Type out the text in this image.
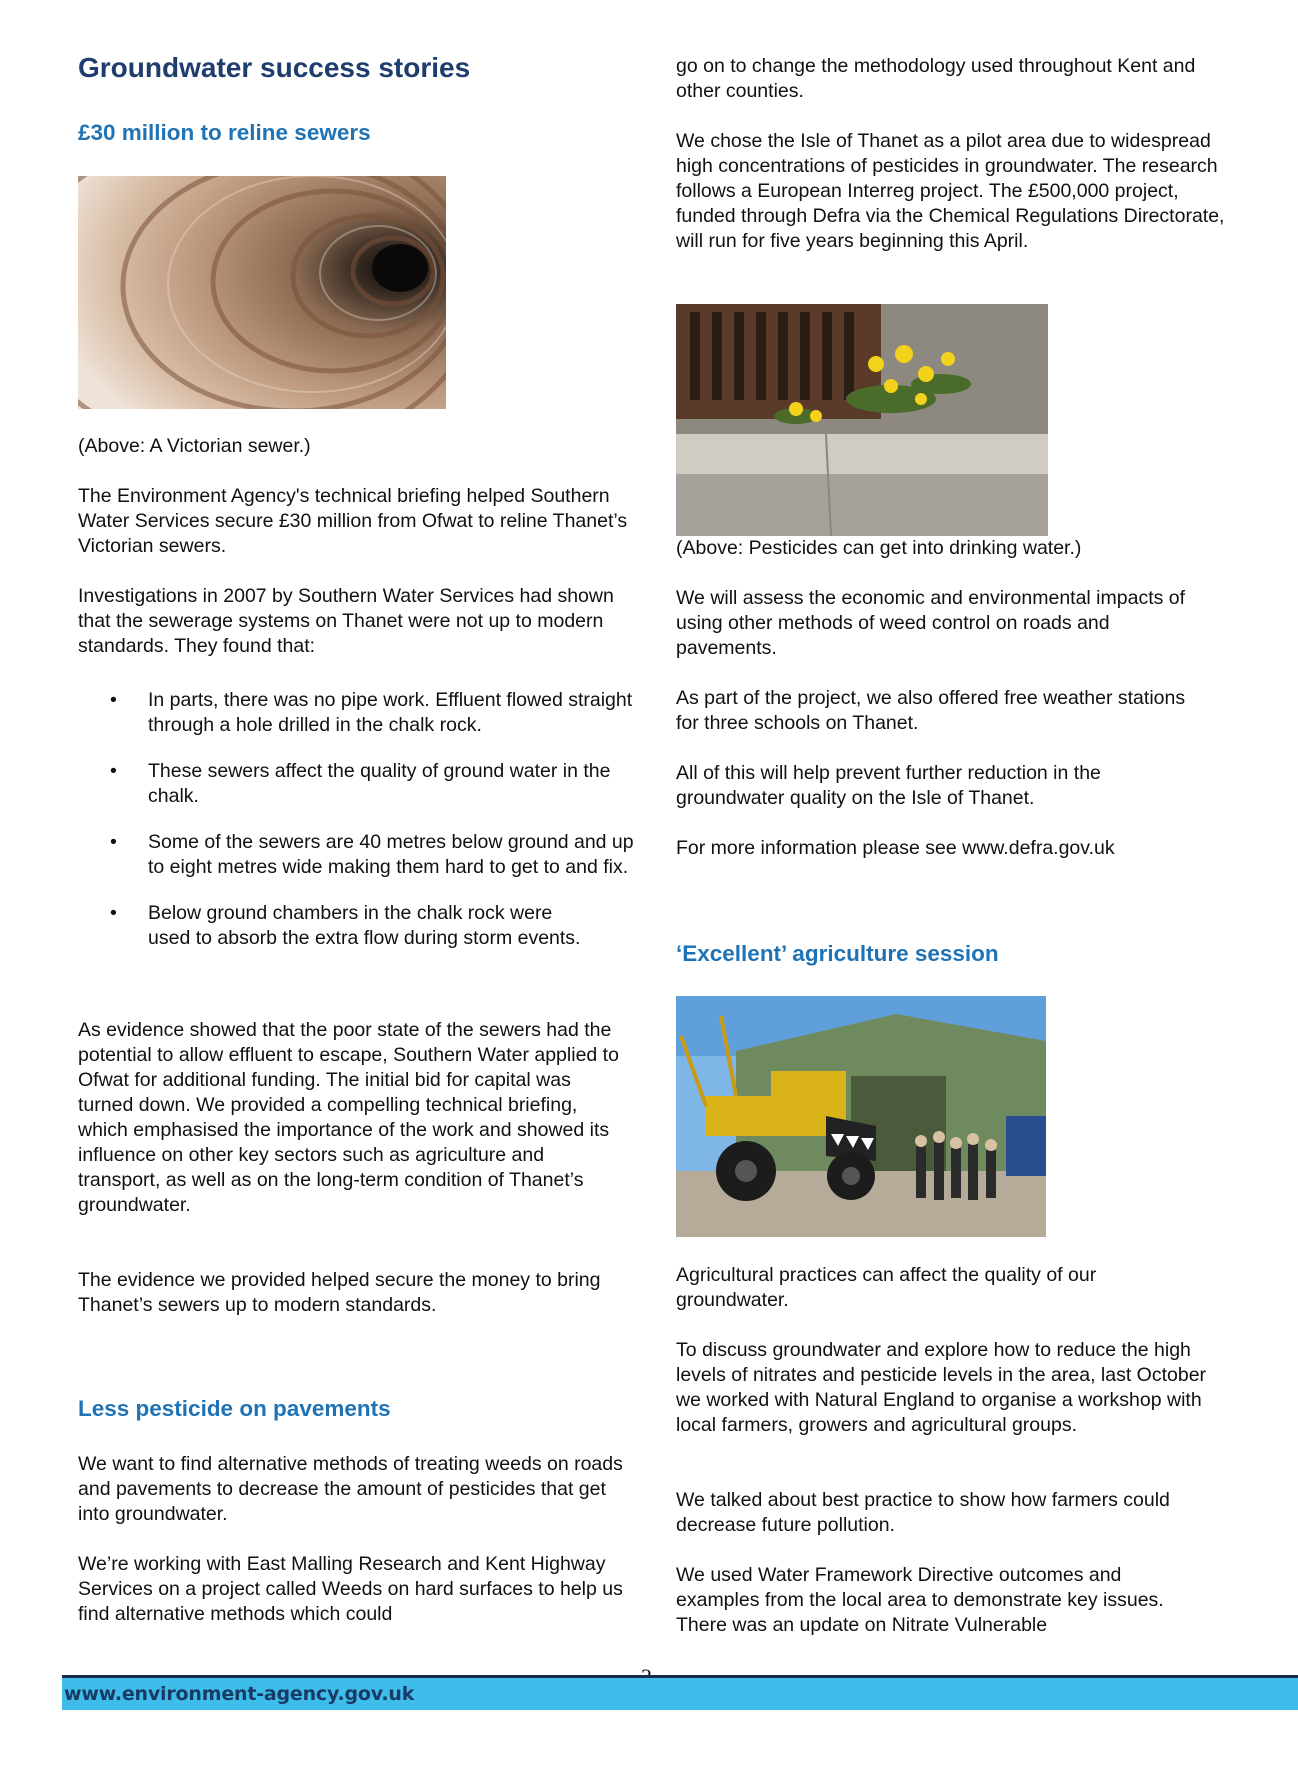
Groundwater success stories
£30 million to reline sewers

(Above: A Victorian sewer.)

The Environment Agency's technical briefing helped Southern Water Services secure £30 million from Ofwat to reline Thanet’s Victorian sewers.

Investigations in 2007 by Southern Water Services had shown that the sewerage systems on Thanet were not up to modern standards. They found that:

• In parts, there was no pipe work. Effluent flowed straight through a hole drilled in the chalk rock.
• These sewers affect the quality of ground water in the chalk.
• Some of the sewers are 40 metres below ground and up to eight metres wide making them hard to get to and fix.
• Below ground chambers in the chalk rock were used to absorb the extra flow during storm events.

As evidence showed that the poor state of the sewers had the potential to allow effluent to escape, Southern Water applied to Ofwat for additional funding. The initial bid for capital was turned down. We provided a compelling technical briefing, which emphasised the importance of the work and showed its influence on other key sectors such as agriculture and transport, as well as on the long-term condition of Thanet’s groundwater.

The evidence we provided helped secure the money to bring Thanet’s sewers up to modern standards.

Less pesticide on pavements

We want to find alternative methods of treating weeds on roads and pavements to decrease the amount of pesticides that get into groundwater.

We’re working with East Malling Research and Kent Highway Services on a project called Weeds on hard surfaces to help us find alternative methods which could

go on to change the methodology used throughout Kent and other counties.

We chose the Isle of Thanet as a pilot area due to widespread high concentrations of pesticides in groundwater. The research follows a European Interreg project. The £500,000 project, funded through Defra via the Chemical Regulations Directorate, will run for five years beginning this April.

(Above: Pesticides can get into drinking water.)

We will assess the economic and environmental impacts of using other methods of weed control on roads and pavements.

As part of the project, we also offered free weather stations for three schools on Thanet.

All of this will help prevent further reduction in the groundwater quality on the Isle of Thanet.

For more information please see www.defra.gov.uk

‘Excellent’ agriculture session

Agricultural practices can affect the quality of our groundwater.

To discuss groundwater and explore how to reduce the high levels of nitrates and pesticide levels in the area, last October we worked with Natural England to organise a workshop with local farmers, growers and agricultural groups.

We talked about best practice to show how farmers could decrease future pollution.

We used Water Framework Directive outcomes and examples from the local area to demonstrate key issues. There was an update on Nitrate Vulnerable

www.environment-agency.gov.uk
